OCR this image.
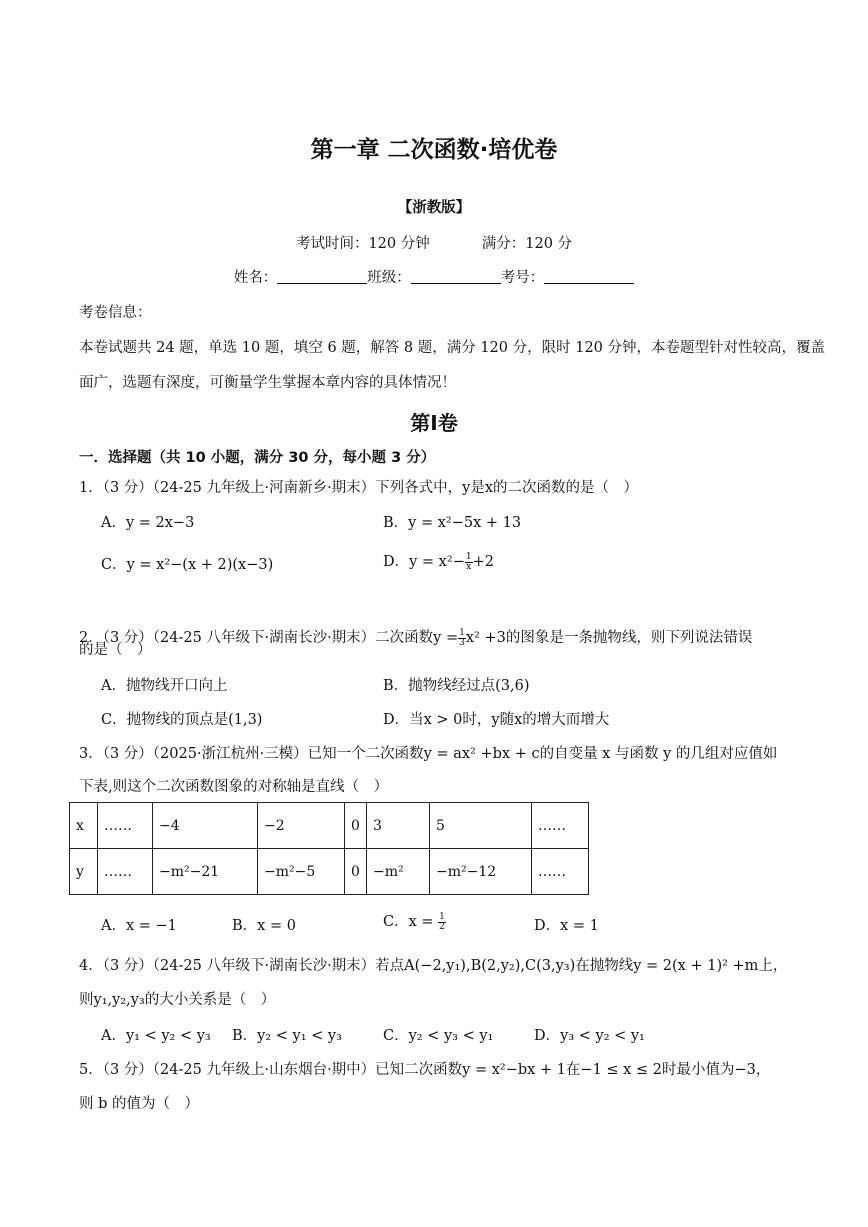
第一章 二次函数·培优卷
【浙教版】
考试时间：120 分钟	满分：120 分
姓名：	班级：	考号：
考卷信息：
本卷试题共 24 题，单选 10 题，填空 6 题，解答 8 题，满分 120 分，限时 120 分钟，本卷题型针对性较高，覆盖
面广，选题有深度，可衡量学生掌握本章内容的具体情况！
第Ⅰ卷
一．选择题（共 10 小题，满分 30 分，每小题 3 分）
1．（3 分）（24-25 九年级上·河南新乡·期末）下列各式中，y是x的二次函数的是（　）
A．y = 2x−3	B．y = x²−5x + 13
C．y = x²−(x + 2)(x−3)	D．$y = x^2- \frac{1}{x} +2$
2．（3 分）（24-25 八年级下·湖南长沙·期末）二次函数$y = \frac{1}{3} x^2 +3$的图象是一条抛物线，则下列说法错误
的是（　）
A．抛物线开口向上	B．抛物线经过点(3,6)
C．抛物线的顶点是(1,3)	D．当x > 0时，y随x的增大而增大
3．（3 分）（2025·浙江杭州·三模）已知一个二次函数y = ax² +bx + c的自变量 x 与函数 y 的几组对应值如
下表,则这个二次函数图象的对称轴是直线（　）
x	……	−4	−2	0	3	5	……
y	……	−m²−21	−m²−5	0	−m²	−m²−12	……
A．x = −1	B．x = 0	C．$x = \frac{1}{2}$	D．x = 1
4．（3 分）（24-25 八年级下·湖南长沙·期末）若点A(−2,y₁),B(2,y₂),C(3,y₃)在抛物线y = 2(x + 1)² +m上，
则y₁,y₂,y₃的大小关系是（　）
A．y₁ < y₂ < y₃ B．y₂ < y₁ < y₃	C．y₂ < y₃ < y₁	D．y₃ < y₂ < y₁
5．（3 分）（24-25 九年级上·山东烟台·期中）已知二次函数y = x²−bx + 1在−1 ≤ x ≤ 2时最小值为−3，
则 b 的值为（　）
